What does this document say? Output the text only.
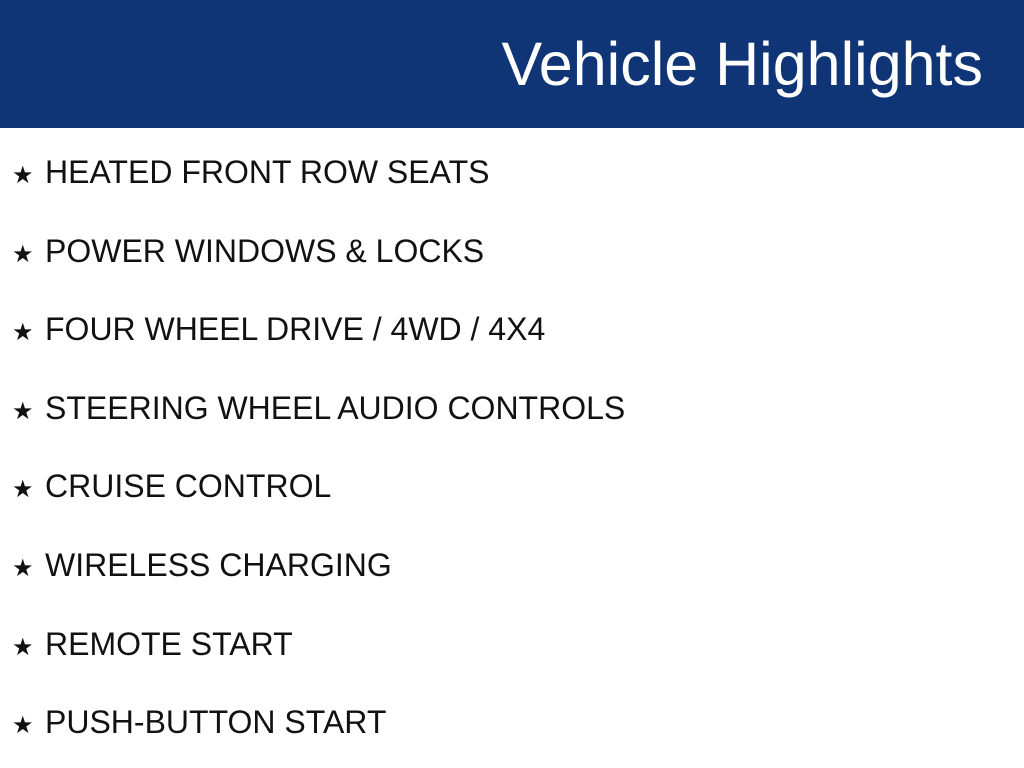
Vehicle Highlights
★ HEATED FRONT ROW SEATS
★ POWER WINDOWS & LOCKS
★ FOUR WHEEL DRIVE / 4WD / 4X4
★ STEERING WHEEL AUDIO CONTROLS
★ CRUISE CONTROL
★ WIRELESS CHARGING
★ REMOTE START
★ PUSH-BUTTON START
